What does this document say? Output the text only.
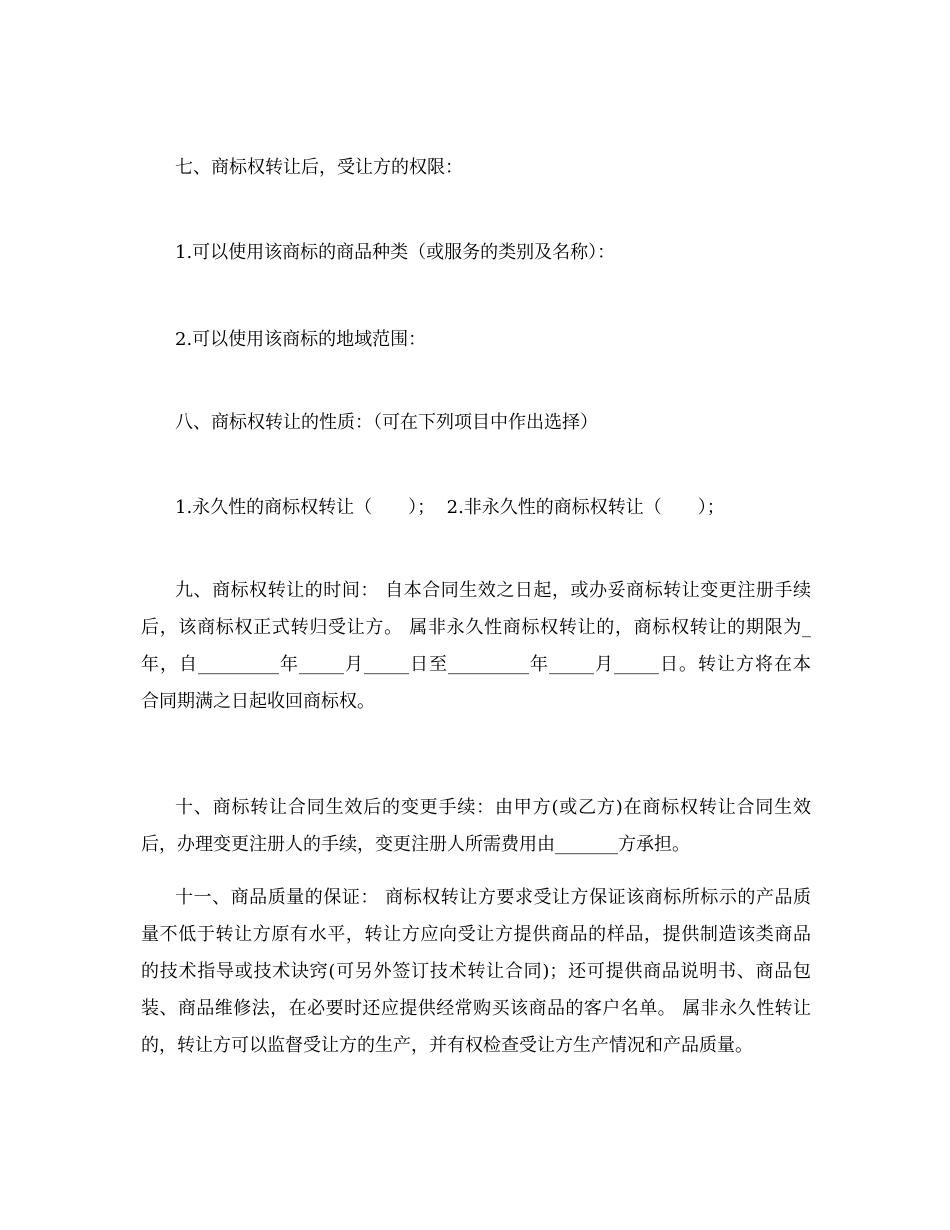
七、商标权转让后，受让方的权限：
1.可以使用该商标的商品种类（或服务的类别及名称）：
2.可以使用该商标的地域范围：
八、商标权转让的性质：（可在下列项目中作出选择）
1.永久性的商标权转让（　　）；  2.非永久性的商标权转让（　　）；
九、商标权转让的时间： 自本合同生效之日起，或办妥商标转让变更注册手续
后，该商标权正式转归受让方。 属非永久性商标权转让的，商标权转让的期限为_
年，自_________年_____月_____日至_________年_____月_____日。转让方将在本
合同期满之日起收回商标权。
十、商标转让合同生效后的变更手续：由甲方(或乙方)在商标权转让合同生效
后，办理变更注册人的手续，变更注册人所需费用由_______方承担。
十一、商品质量的保证： 商标权转让方要求受让方保证该商标所标示的产品质
量不低于转让方原有水平，转让方应向受让方提供商品的样品，提供制造该类商品
的技术指导或技术诀窍(可另外签订技术转让合同)；还可提供商品说明书、商品包
装、商品维修法，在必要时还应提供经常购买该商品的客户名单。 属非永久性转让
的，转让方可以监督受让方的生产，并有权检查受让方生产情况和产品质量。
